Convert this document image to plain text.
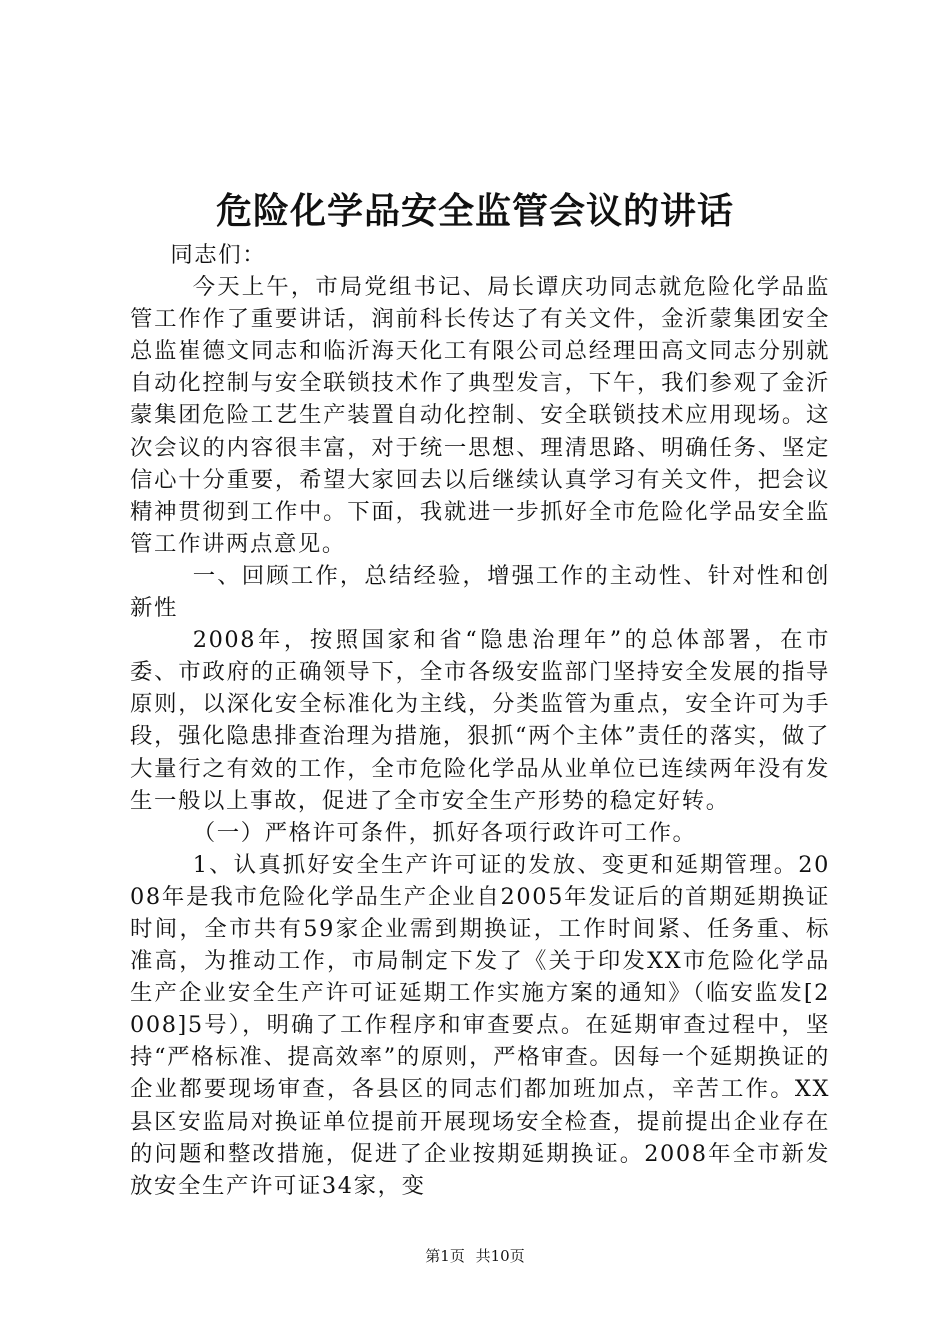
危险化学品安全监管会议的讲话

同志们：

今天上午，市局党组书记、局长谭庆功同志就危险化学品监管工作作了重要讲话，润前科长传达了有关文件，金沂蒙集团安全总监崔德文同志和临沂海天化工有限公司总经理田高文同志分别就自动化控制与安全联锁技术作了典型发言，下午，我们参观了金沂蒙集团危险工艺生产装置自动化控制、安全联锁技术应用现场。这次会议的内容很丰富，对于统一思想、理清思路、明确任务、坚定信心十分重要，希望大家回去以后继续认真学习有关文件，把会议精神贯彻到工作中。下面，我就进一步抓好全市危险化学品安全监管工作讲两点意见。

一、回顾工作，总结经验，增强工作的主动性、针对性和创新性

2008年，按照国家和省“隐患治理年”的总体部署，在市委、市政府的正确领导下，全市各级安监部门坚持安全发展的指导原则，以深化安全标准化为主线，分类监管为重点，安全许可为手段，强化隐患排查治理为措施，狠抓“两个主体”责任的落实，做了大量行之有效的工作，全市危险化学品从业单位已连续两年没有发生一般以上事故，促进了全市安全生产形势的稳定好转。

（一）严格许可条件，抓好各项行政许可工作。

1、认真抓好安全生产许可证的发放、变更和延期管理。2008年是我市危险化学品生产企业自2005年发证后的首期延期换证时间，全市共有59家企业需到期换证，工作时间紧、任务重、标准高，为推动工作，市局制定下发了《关于印发XX市危险化学品生产企业安全生产许可证延期工作实施方案的通知》（临安监发[2008]5号），明确了工作程序和审查要点。在延期审查过程中，坚持“严格标准、提高效率”的原则，严格审查。因每一个延期换证的企业都要现场审查，各县区的同志们都加班加点，辛苦工作。XX县区安监局对换证单位提前开展现场安全检查，提前提出企业存在的问题和整改措施，促进了企业按期延期换证。2008年全市新发放安全生产许可证34家，变

第1页 共10页
